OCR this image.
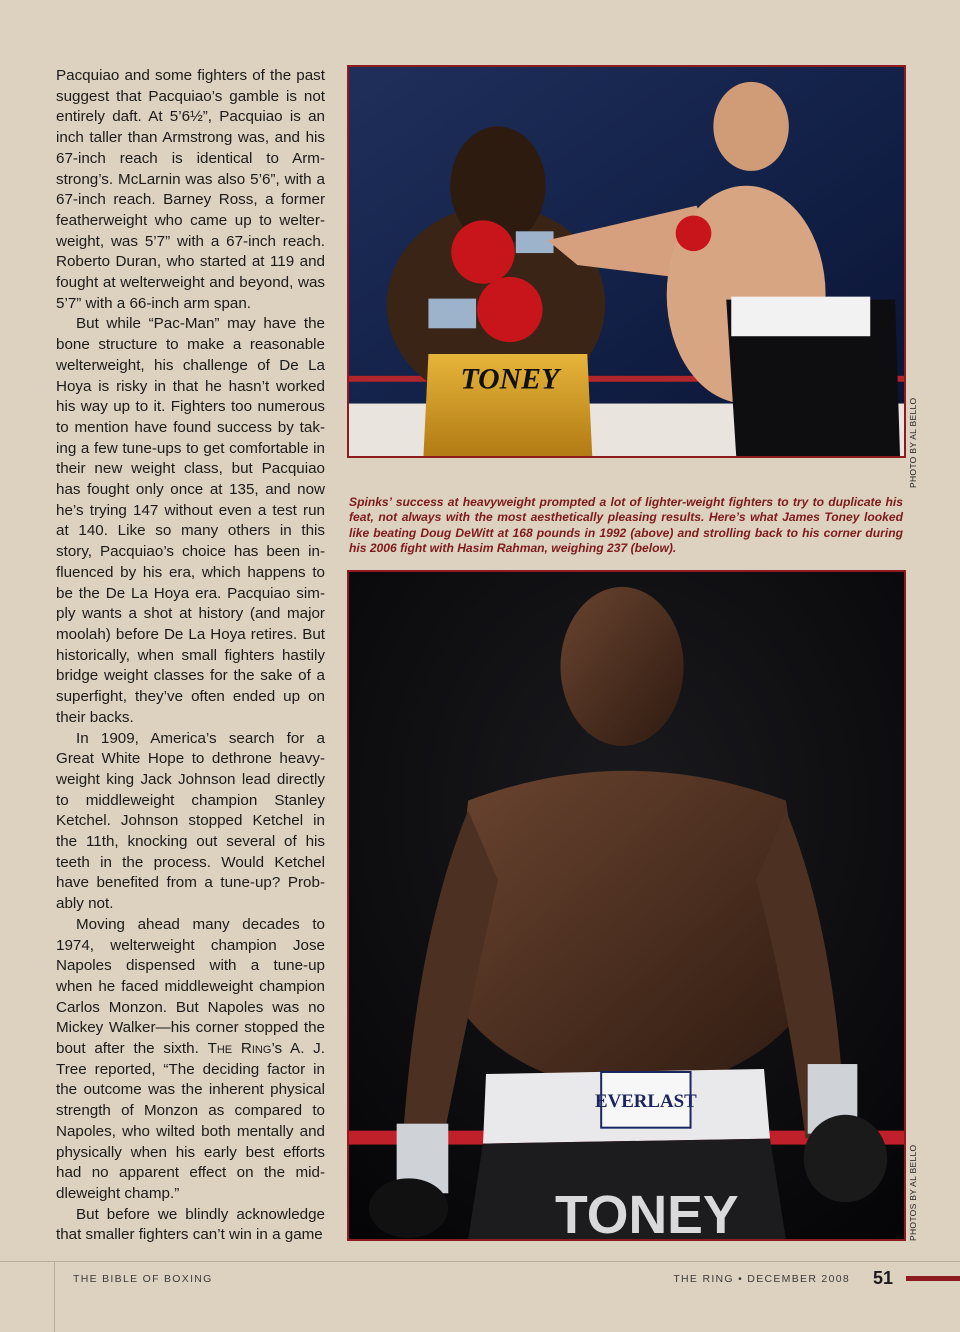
Pacquiao and some fighters of the past suggest that Pacquiao’s gamble is not entirely daft. At 5’6½”, Pacquiao is an inch taller than Armstrong was, and his 67-inch reach is identical to Armstrong’s. McLarnin was also 5’6”, with a 67-inch reach. Barney Ross, a former featherweight who came up to welterweight, was 5’7” with a 67-inch reach. Roberto Duran, who started at 119 and fought at welterweight and beyond, was 5’7” with a 66-inch arm span.

But while “Pac-Man” may have the bone structure to make a reasonable welterweight, his challenge of De La Hoya is risky in that he hasn’t worked his way up to it. Fighters too numerous to mention have found success by taking a few tune-ups to get comfortable in their new weight class, but Pacquiao has fought only once at 135, and now he’s trying 147 without even a test run at 140. Like so many others in this story, Pacquiao’s choice has been influenced by his era, which happens to be the De La Hoya era. Pacquiao simply wants a shot at history (and major moolah) before De La Hoya retires. But historically, when small fighters hastily bridge weight classes for the sake of a superfight, they’ve often ended up on their backs.

In 1909, America’s search for a Great White Hope to dethrone heavyweight king Jack Johnson lead directly to middleweight champion Stanley Ketchel. Johnson stopped Ketchel in the 11th, knocking out several of his teeth in the process. Would Ketchel have benefited from a tune-up? Probably not.

Moving ahead many decades to 1974, welterweight champion Jose Napoles dispensed with a tune-up when he faced middleweight champion Carlos Monzon. But Napoles was no Mickey Walker—his corner stopped the bout after the sixth. The Ring’s A. J. Tree reported, “The deciding factor in the outcome was the inherent physical strength of Monzon as compared to Napoles, who wilted both mentally and physically when his early best efforts had no apparent effect on the middleweight champ.”

But before we blindly acknowledge that smaller fighters can’t win in a game

TONEY
PHOTO BY AL BELLO
Spinks’ success at heavyweight prompted a lot of lighter-weight fighters to try to duplicate his feat, not always with the most aesthetically pleasing results. Here’s what James Toney looked like beating Doug DeWitt at 168 pounds in 1992 (above) and strolling back to his corner during his 2006 fight with Hasim Rahman, weighing 237 (below).
EVERLAST
TONEY	PHOTOS BY AL BELLO
THE BIBLE OF BOXING	THE RING • DECEMBER 2008 51
